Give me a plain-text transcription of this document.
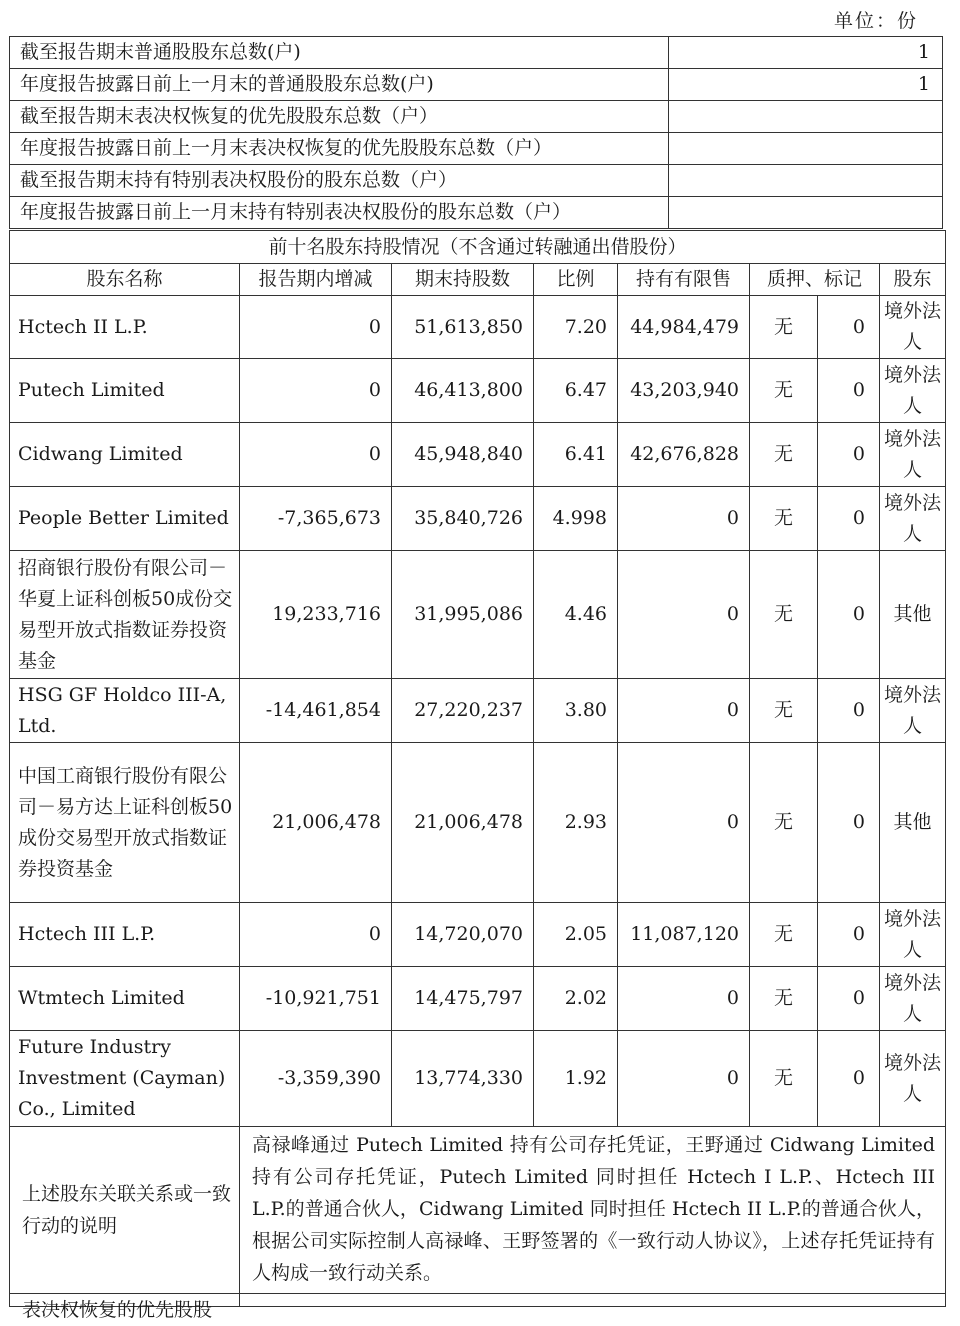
单位：份
截至报告期末普通股股东总数(户)	1
年度报告披露日前上一月末的普通股股东总数(户)	1
截至报告期末表决权恢复的优先股股东总数（户）	
年度报告披露日前上一月末表决权恢复的优先股股东总数（户）	
截至报告期末持有特别表决权股份的股东总数（户）	
年度报告披露日前上一月末持有特别表决权股份的股东总数（户）	
前十名股东持股情况（不含通过转融通出借股份）							
股东名称	报告期内增减	期末持股数	比例	持有有限售	质押、标记		股东
Hctech II L.P.	0	51,613,850	7.20	44,984,479	无	0	境外法人
Putech Limited	0	46,413,800	6.47	43,203,940	无	0	境外法人
Cidwang Limited	0	45,948,840	6.41	42,676,828	无	0	境外法人
People Better Limited	-7,365,673	35,840,726	4.998	0	无	0	境外法人
招商银行股份有限公司－华夏上证科创板50成份交易型开放式指数证券投资基金	19,233,716	31,995,086	4.46	0	无	0	其他
HSG GF Holdco III-A, Ltd.	-14,461,854	27,220,237	3.80	0	无	0	境外法人
中国工商银行股份有限公司－易方达上证科创板50成份交易型开放式指数证券投资基金	21,006,478	21,006,478	2.93	0	无	0	其他
Hctech III L.P.	0	14,720,070	2.05	11,087,120	无	0	境外法人
Wtmtech Limited	-10,921,751	14,475,797	2.02	0	无	0	境外法人
Future Industry Investment (Cayman) Co., Limited	-3,359,390	13,774,330	1.92	0	无	0	境外法人
上述股东关联关系或一致行动的说明	高禄峰通过 Putech Limited 持有公司存托凭证，王野通过 Cidwang Limited 持有公司存托凭证，Putech Limited 同时担任 Hctech I L.P.、Hctech III L.P.的普通合伙人，Cidwang Limited 同时担任 Hctech II L.P.的普通合伙人，根据公司实际控制人高禄峰、王野签署的《一致行动人协议》，上述存托凭证持有人构成一致行动关系。						

表决权恢复的优先股股							
